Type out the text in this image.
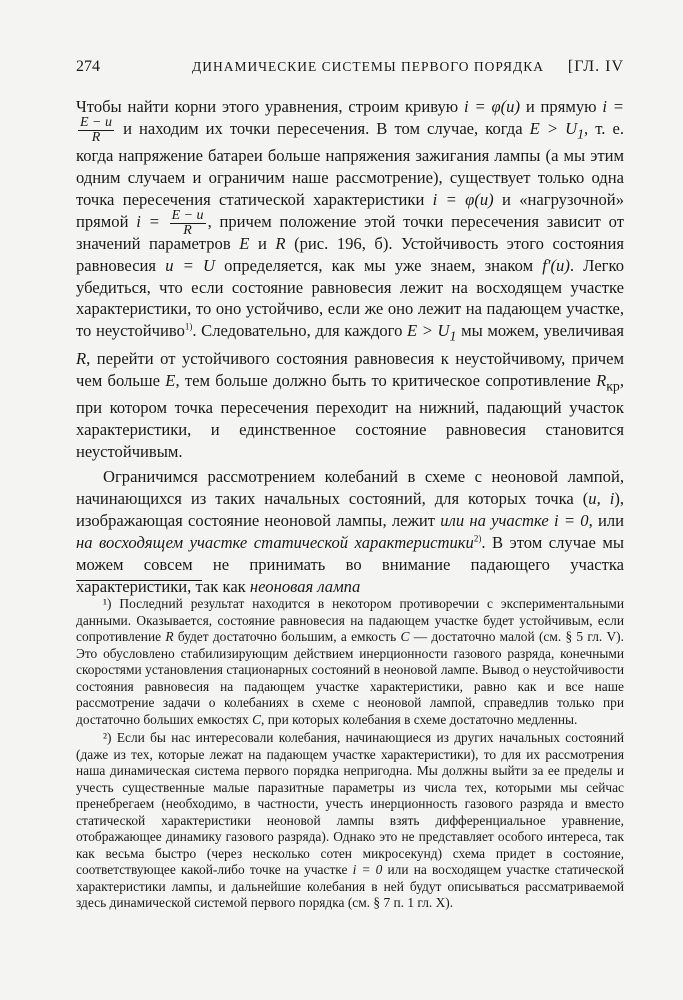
274	ДИНАМИЧЕСКИЕ СИСТЕМЫ ПЕРВОГО ПОРЯДКА [ГЛ. IV

Чтобы найти корни этого уравнения, строим кривую i = φ(u) и прямую i =
$\frac{E - u}{R}$ и находим их точки пересечения. В том случае, когда $E > U_1$, т. е. когда напряжение батареи больше напряжения зажигания лампы (а мы этим одним случаем и ограничим наше рассмотрение), существует только одна точка пересечения статической характеристики i = φ(u) и «нагрузочной» прямой $i = \frac{E - u}{R}$ , причем положение этой точки пересечения зависит от значений параметров E и R (рис. 196, б). Устойчивость этого состояния равновесия u = U определяется, как мы уже знаем, знаком f′(u). Легко убедиться, что если состояние равновесия лежит на восходящем участке характеристики, то оно устойчиво, если же оно лежит на падающем участке, то неустойчиво$^{1)}$. Следовательно, для каждого $E > U_1$ мы можем, увеличивая R, перейти от устойчивого состояния равновесия к неустойчивому, причем чем больше E, тем больше должно быть то критическое сопротивление $R_{кр}$, при котором точка пересечения переходит на нижний, падающий участок характеристики, и единственное состояние равновесия становится неустойчивым.

Ограничимся рассмотрением колебаний в схеме с неоновой лампой, начинающихся из таких начальных состояний, для которых точка (u, i), изображающая состояние неоновой лампы, лежит или на участке i = 0, или на восходящем участке статической характеристики$^{2)}$. В этом случае мы можем совсем не принимать во внимание падающего участка характеристики, так как неоновая лампа

¹) Последний результат находится в некотором противоречии с экспериментальными данными. Оказывается, состояние равновесия на падающем участке будет устойчивым, если сопротивление R будет достаточно большим, а емкость C — достаточно малой (см. § 5 гл. V). Это обусловлено стабилизирующим действием инерционности газового разряда, конечными скоростями установления стационарных состояний в неоновой лампе. Вывод о неустойчивости состояния равновесия на падающем участке характеристики, равно как и все наше рассмотрение задачи о колебаниях в схеме с неоновой лампой, справедлив только при достаточно больших емкостях C, при которых колебания в схеме достаточно медленны.

²) Если бы нас интересовали колебания, начинающиеся из других начальных состояний (даже из тех, которые лежат на падающем участке характеристики), то для их рассмотрения наша динамическая система первого порядка непригодна. Мы должны выйти за ее пределы и учесть существенные малые паразитные параметры из числа тех, которыми мы сейчас пренебрегаем (необходимо, в частности, учесть инерционность газового разряда и вместо статической характеристики неоновой лампы взять дифференциальное уравнение, отображающее динамику газового разряда). Однако это не представляет особого интереса, так как весьма быстро (через несколько сотен микросекунд) схема придет в состояние, соответствующее какой-либо точке на участке i = 0 или на восходящем участке статической характеристики лампы, и дальнейшие колебания в ней будут описываться рассматриваемой здесь динамической системой первого порядка (см. § 7 п. 1 гл. X).
